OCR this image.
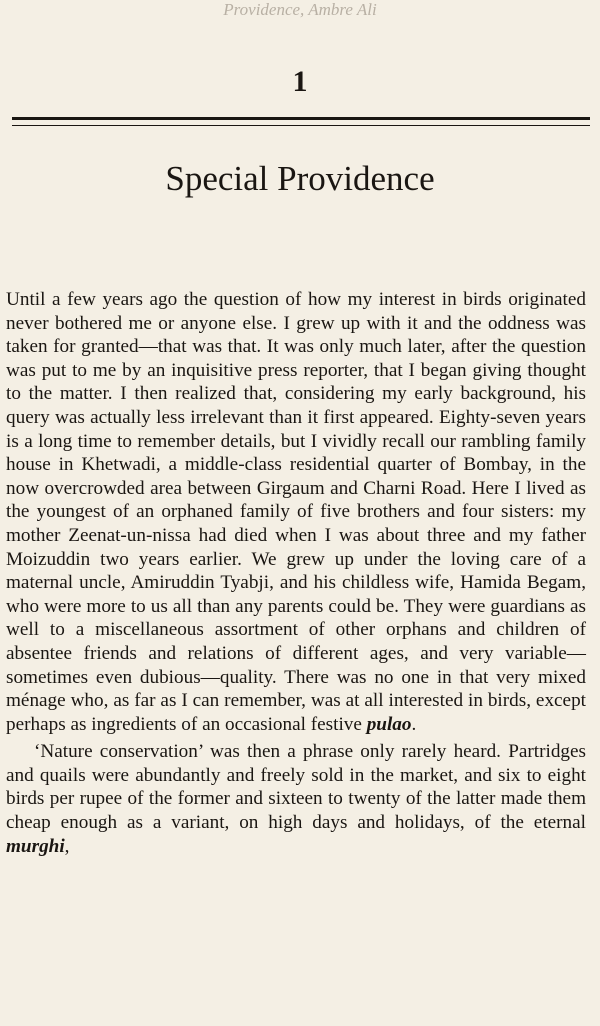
Providence, Ambre Ali
1
Special Providence

Until a few years ago the question of how my interest in birds originated never bothered me or anyone else. I grew up with it and the oddness was taken for granted—that was that. It was only much later, after the question was put to me by an inquisitive press reporter, that I began giving thought to the matter. I then realized that, considering my early background, his query was actually less irrelevant than it first appeared. Eighty-seven years is a long time to remember details, but I vividly recall our rambling family house in Khetwadi, a middle-class residential quarter of Bombay, in the now overcrowded area between Girgaum and Charni Road. Here I lived as the youngest of an orphaned family of five brothers and four sisters: my mother Zeenat-un-nissa had died when I was about three and my father Moizuddin two years earlier. We grew up under the loving care of a maternal uncle, Amiruddin Tyabji, and his childless wife, Hamida Begam, who were more to us all than any parents could be. They were guardians as well to a miscellaneous assortment of other orphans and children of absentee friends and relations of different ages, and very variable—sometimes even dubious—quality. There was no one in that very mixed ménage who, as far as I can remember, was at all interested in birds, except perhaps as ingredients of an occasional festive pulao.

‘Nature conservation’ was then a phrase only rarely heard. Partridges and quails were abundantly and freely sold in the market, and six to eight birds per rupee of the former and sixteen to twenty of the latter made them cheap enough as a variant, on high days and holidays, of the eternal murghi,
